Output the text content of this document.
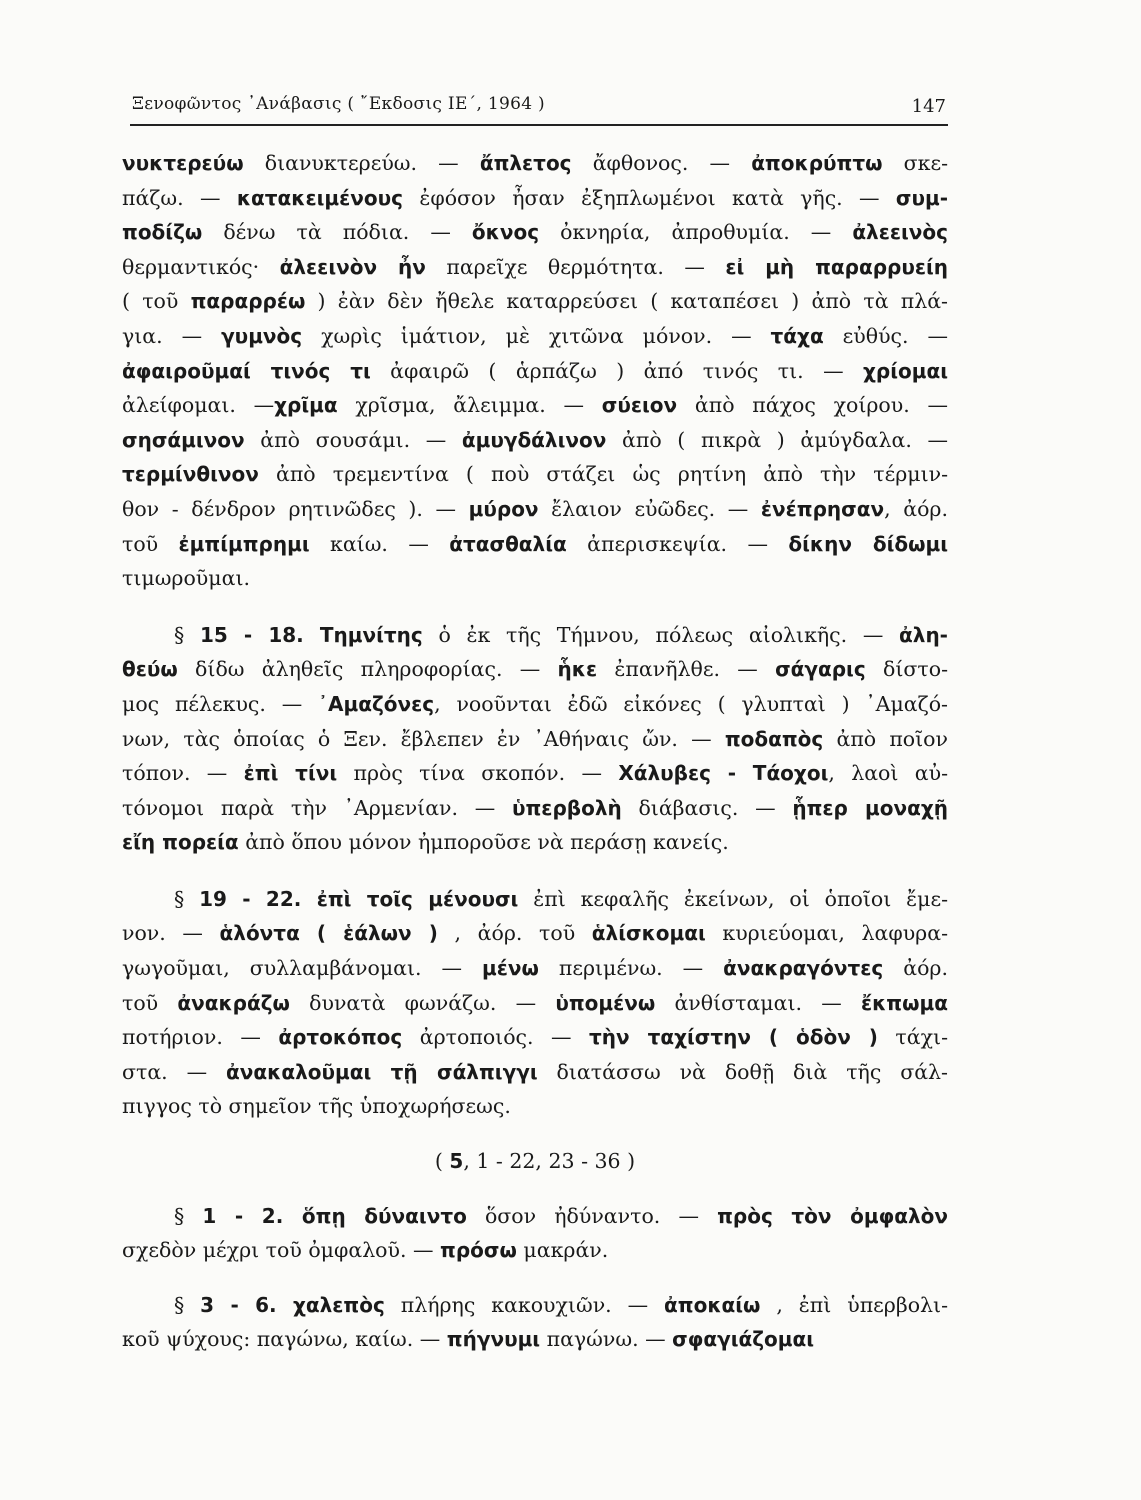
Ξενοφῶντος ᾿Ανάβασις ( ῎Εκδοσις ΙΕ΄, 1964 )	147
νυκτερεύω διανυκτερεύω. — ἄπλετος ἄφθονος. — ἀποκρύπτω σκε-
πάζω. — κατακειμένους ἐφόσον ἦσαν ἐξηπλωμένοι κατὰ γῆς. — συμ-
ποδίζω δένω τὰ πόδια. — ὄκνος ὀκνηρία, ἀπροθυμία. — ἀλεεινὸς
θερμαντικός· ἀλεεινὸν ἦν παρεῖχε θερμότητα. — εἰ μὴ παραρρυείη
( τοῦ παραρρέω ) ἐὰν δὲν ἤθελε καταρρεύσει ( καταπέσει ) ἀπὸ τὰ πλά-
για. — γυμνὸς χωρὶς ἱμάτιον, μὲ χιτῶνα μόνον. — τάχα εὐθύς. —
ἀφαιροῦμαί τινός τι ἀφαιρῶ ( ἁρπάζω ) ἀπό τινός τι. — χρίομαι
ἀλείφομαι. —χρῖμα χρῖσμα, ἄλειμμα. — σύειον ἀπὸ πάχος χοίρου. —
σησάμινον ἀπὸ σουσάμι. — ἀμυγδάλινον ἀπὸ ( πικρὰ ) ἀμύγδαλα. —
τερμίνθινον ἀπὸ τρεμεντίνα ( ποὺ στάζει ὡς ρητίνη ἀπὸ τὴν τέρμιν-
θον - δένδρον ρητινῶδες ). — μύρον ἔλαιον εὐῶδες. — ἐνέπρησαν, ἀόρ.
τοῦ ἐμπίμπρημι καίω. — ἀτασθαλία ἀπερισκεψία. — δίκην δίδωμι
τιμωροῦμαι.
§ 15 - 18. Τημνίτης ὁ ἐκ τῆς Τήμνου, πόλεως αἰολικῆς. — ἀλη-
θεύω δίδω ἀληθεῖς πληροφορίας. — ἧκε ἐπανῆλθε. — σάγαρις δίστο-
μος πέλεκυς. — ᾿Αμαζόνες, νοοῦνται ἐδῶ εἰκόνες ( γλυπταὶ ) ᾿Αμαζό-
νων, τὰς ὁποίας ὁ Ξεν. ἔβλεπεν ἐν ᾿Αθήναις ὤν. — ποδαπὸς ἀπὸ ποῖον
τόπον. — ἐπὶ τίνι πρὸς τίνα σκοπόν. — Χάλυβες - Τάοχοι, λαοὶ αὐ-
τόνομοι παρὰ τὴν ᾿Αρμενίαν. — ὑπερβολὴ διάβασις. — ᾗπερ μοναχῇ
εἴη πορεία ἀπὸ ὅπου μόνον ἠμποροῦσε νὰ περάσῃ κανείς.
§ 19 - 22. ἐπὶ τοῖς μένουσι ἐπὶ κεφαλῆς ἐκείνων, οἱ ὁποῖοι ἔμε-
νον. — ἁλόντα ( ἑάλων ) , ἀόρ. τοῦ ἁλίσκομαι κυριεύομαι, λαφυρα-
γωγοῦμαι, συλλαμβάνομαι. — μένω περιμένω. — ἀνακραγόντες ἀόρ.
τοῦ ἀνακράζω δυνατὰ φωνάζω. — ὑπομένω ἀνθίσταμαι. — ἔκπωμα
ποτήριον. — ἀρτοκόπος ἀρτοποιός. — τὴν ταχίστην ( ὁδὸν ) τάχι-
στα. — ἀνακαλοῦμαι τῇ σάλπιγγι διατάσσω νὰ δοθῇ διὰ τῆς σάλ-
πιγγος τὸ σημεῖον τῆς ὑποχωρήσεως.
( 5, 1 - 22, 23 - 36 )
§ 1 - 2. ὅπῃ δύναιντο ὅσον ἠδύναντο. — πρὸς τὸν ὀμφαλὸν
σχεδὸν μέχρι τοῦ ὀμφαλοῦ. — πρόσω μακράν.
§ 3 - 6. χαλεπὸς πλήρης κακουχιῶν. — ἀποκαίω , ἐπὶ ὑπερβολι-
κοῦ ψύχους: παγώνω, καίω. — πήγνυμι παγώνω. — σφαγιάζομαι
